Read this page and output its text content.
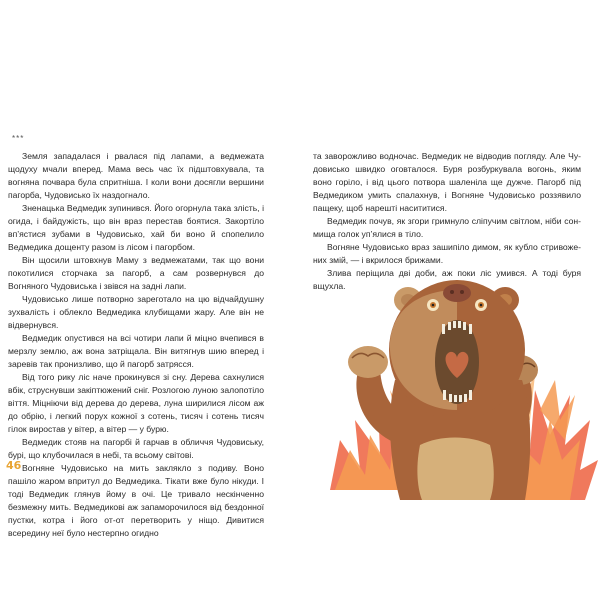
***

Земля западалася і рвалася під лапами, а ведмежата щодуху мчали вперед. Мама весь час їх підштовхувала, та вогняна почвара була спритніша. І коли вони досягли вершини пагорба, Чудовисько їх наздогнало.

Зненацька Ведмедик зупинився. Його огорнула така злість, і огида, і байдужість, що він враз перестав боятися. Закортіло вп’ястися зубами в Чудовисько, хай би воно й спопелило Ведмедика дощенту разом із лісом і пагорбом.

Він щосили штовхнув Маму з ведмежатами, так що вони покотилися сторчака за пагорб, а сам розвернувся до Вогняного Чудовиська і звівся на задні лапи.

Чудовисько лише потворно зареготало на цю відчайдушну зухвалість і облекло Ведмедика клубищами жару. Але він не відвернувся.

Ведмедик опустився на всі чотири лапи й міцно вчепився в мерзлу землю, аж вона затріщала. Він витягнув шию вперед і заревів так пронизливо, що й пагорб затрясся.

Від того рику ліс наче прокинувся зі сну. Дерева сахнулися вбік, струснувши закіптюжений сніг. Розлогою луною залопотіло віття. Міцніючи від дерева до дерева, луна ширилися лісом аж до обрію, і легкий порух кожної з сотень, тисяч і сотень тисяч гілок виростав у вітер, а вітер — у бурю.

Ведмедик стояв на пагорбі й гарчав в обличчя Чудовиську, бурі, що клубочилася в небі, та всьому світові.

Вогняне Чудовисько на мить заклякло з подиву. Воно пашіло жаром впритул до Ведмедика. Тікати вже було нікуди. І тоді Ведмедик глянув йому в очі. Це тривало нескінченно безмежну мить. Ведмедикові аж запаморочилося від бездонної пустки, котра і його от-от перетворить у ніщо. Дивитися всередину неї було нестерпно огидно

46

та заворожливо водночас. Ведмедик не відводив погляду. Але Чудовисько швидко оговталося. Буря розбуркувала вогонь, яким воно горіло, і від цього потвора шаленіла ще дужче. Пагорб під Ведмедиком умить спалахнув, і Вогняне Чудовисько роззявило пащеку, щоб нарешті насититися.

Ведмедик почув, як згори гримнуло сліпучим світлом, ніби сонмища голок уп’ялися в тіло.

Вогняне Чудовисько враз зашипіло димом, як кубло стривожених змій, — і вкрилося брижами.

Злива періщила дві доби, аж поки ліс умився. А тоді буря вщухла.
